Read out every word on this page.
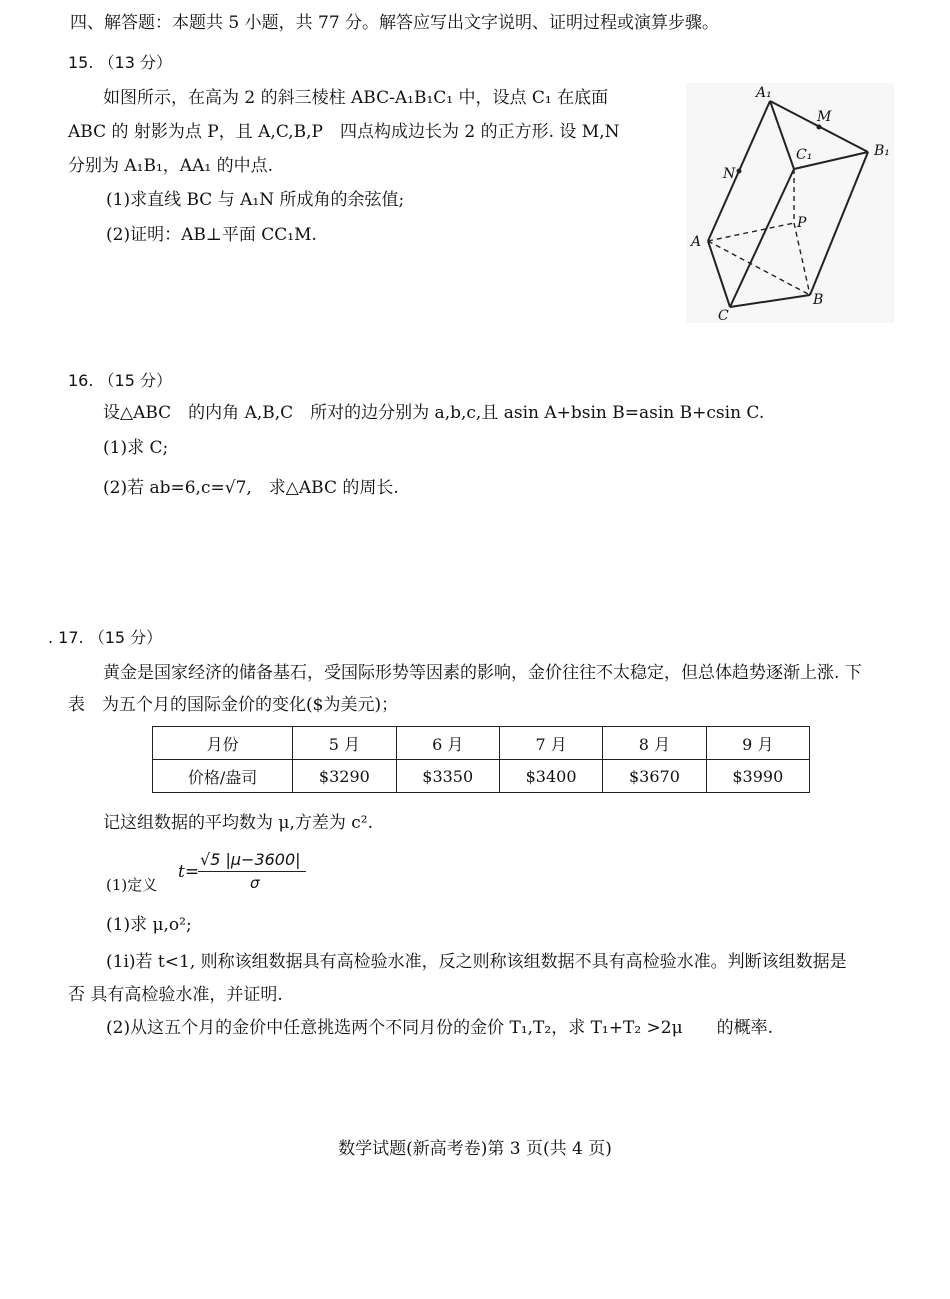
四、解答题：本题共 5 小题，共 77 分。解答应写出文字说明、证明过程或演算步骤。
15. （13 分）
如图所示，在高为 2 的斜三棱柱 ABC-A₁B₁C₁ 中，设点 C₁ 在底面
ABC 的 射影为点 P，且 A,C,B,P　四点构成边长为 2 的正方形. 设 M,N
分别为 A₁B₁，AA₁ 的中点.
(1)求直线 BC 与 A₁N 所成角的余弦值;
(2)证明：AB⊥平面 CC₁M.
A₁
M
C₁	B₁
N
P
A
B
C
16. （15 分）
设△ABC　的内角 A,B,C　所对的边分别为 a,b,c,且 asin A+bsin B=asin B+csin C.
(1)求 C;
(2)若 ab=6,c=√7,　求△ABC 的周长.
. 17. （15 分）
黄金是国家经济的储备基石，受国际形势等因素的影响，金价往往不太稳定，但总体趋势逐渐上涨. 下
表　为五个月的国际金价的变化($为美元)；
月份	5 月	6 月	7 月	8 月	9 月
价格/盎司	$3290	$3350	$3400	$3670	$3990
记这组数据的平均数为 μ,方差为 c².
(1)定义
t=
√5 |μ−3600|
σ
(1)求 μ,o²;
(1i)若 t<1, 则称该组数据具有高检验水准，反之则称该组数据不具有高检验水准。判断该组数据是
否 具有高检验水准，并证明.
(2)从这五个月的金价中任意挑选两个不同月份的金价 T₁,T₂，求 T₁+T₂ >2μ　　的概率.
数学试题(新高考卷)第 3 页(共 4 页)
